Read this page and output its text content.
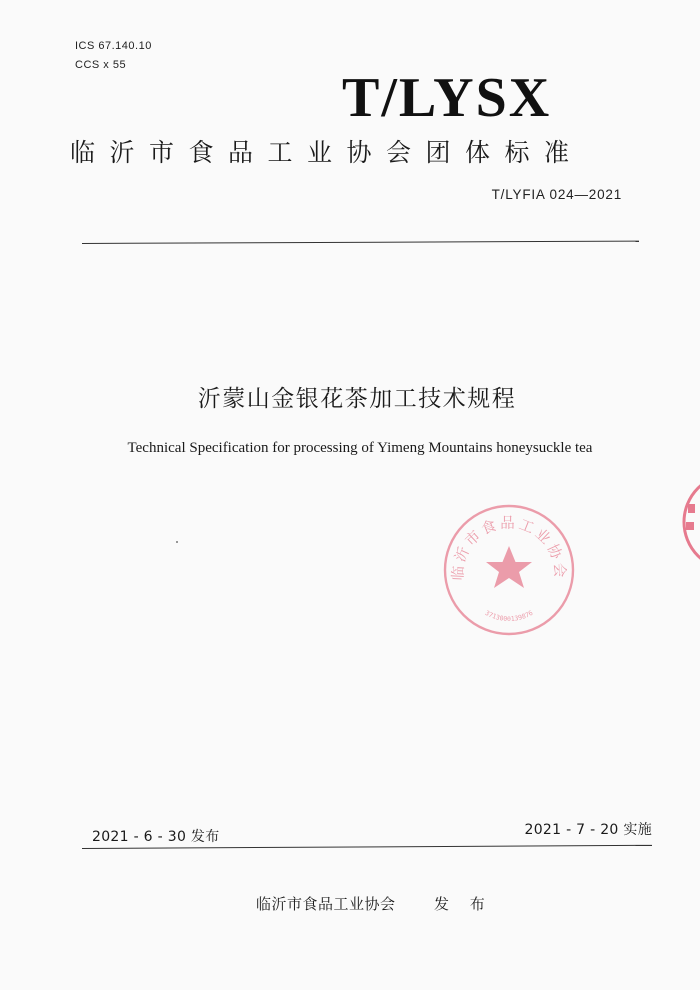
ICS 67.140.10
CCS x 55
T/LYSX
临沂市食品工业协会团体标准
T/LYFIA 024—2021
沂蒙山金银花茶加工技术规程
Technical Specification for processing of Yimeng Mountains honeysuckle tea
临沂市食品工业协会
3713000139876
2021 - 6 - 30 发布	2021 - 7 - 20 实施
临沂市食品工业协会	发 布
